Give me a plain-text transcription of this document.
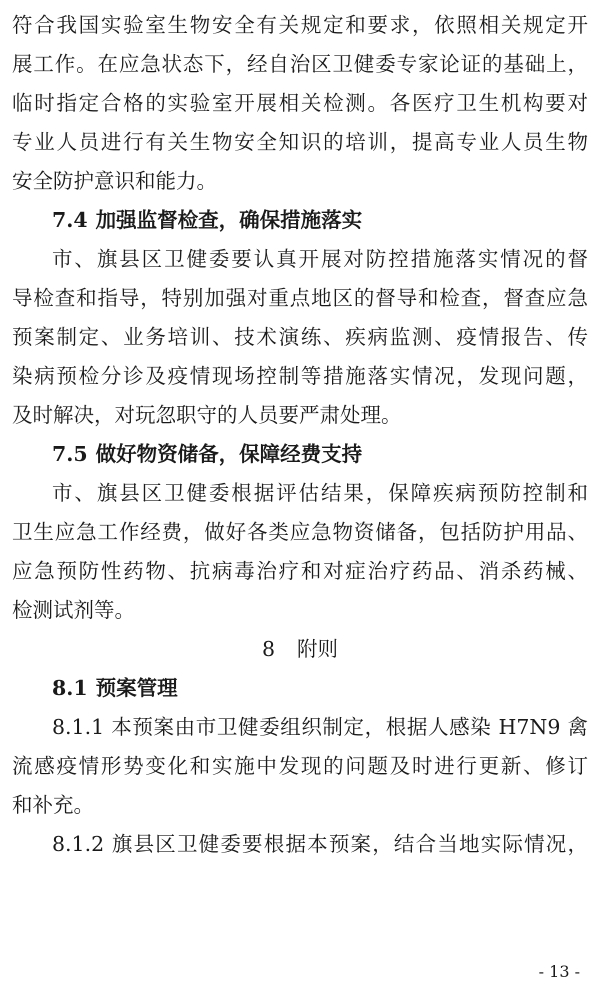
符合我国实验室生物安全有关规定和要求，依照相关规定开
展工作。在应急状态下，经自治区卫健委专家论证的基础上，
临时指定合格的实验室开展相关检测。各医疗卫生机构要对
专业人员进行有关生物安全知识的培训，提高专业人员生物
安全防护意识和能力。
7.4 加强监督检查，确保措施落实
市、旗县区卫健委要认真开展对防控措施落实情况的督
导检查和指导，特别加强对重点地区的督导和检查，督查应急
预案制定、业务培训、技术演练、疾病监测、疫情报告、传
染病预检分诊及疫情现场控制等措施落实情况，发现问题，
及时解决，对玩忽职守的人员要严肃处理。
7.5 做好物资储备，保障经费支持
市、旗县区卫健委根据评估结果，保障疾病预防控制和
卫生应急工作经费，做好各类应急物资储备，包括防护用品、
应急预防性药物、抗病毒治疗和对症治疗药品、消杀药械、
检测试剂等。
8 附则
8.1 预案管理
8.1.1 本预案由市卫健委组织制定，根据人感染 H7N9 禽
流感疫情形势变化和实施中发现的问题及时进行更新、修订
和补充。
8.1.2 旗县区卫健委要根据本预案，结合当地实际情况，
- 13 -
